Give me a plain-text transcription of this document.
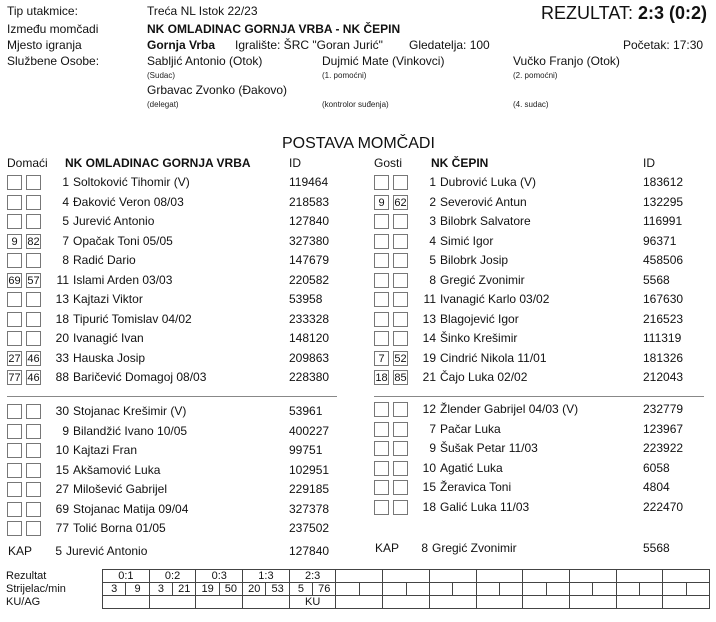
Tip utakmice:	Treća NL Istok 22/23	REZULTAT: 2:3 (0:2)
Između momčadi	NK OMLADINAC GORNJA VRBA - NK ČEPIN
Mjesto igranja	Gornja Vrba Igralište: ŠRC "Goran Jurić" Gledatelja: 100	Početak: 17:30
Službene Osobe:	Sabljić Antonio (Otok)
(Sudac)
Dujmić Mate (Vinkovci)
(1. pomoćni)
Vučko Franjo (Otok)
(2. pomoćni)
Grbavac Zvonko (Đakovo)
(delegat)	(kontrolor suđenja)	(4. sudac)
POSTAVA MOMČADI
Domaći NK OMLADINAC GORNJA VRBA	ID	Gosti NK ČEPIN	ID
1 Soltoković Tihomir (V)	119464
4 Đaković Veron 08/03	218583
5 Jurević Antonio	127840
9 82	7 Opačak Toni 05/05	327380
8 Radić Dario	147679
69 57	11 Islami Arden 03/03	220582
13 Kajtazi Viktor	53958
18 Tipurić Tomislav 04/02	233328
20 Ivanagić Ivan	148120
27 46	33 Hauska Josip	209863
77 46	88 Baričević Domagoj 08/03	228380
30 Stojanac Krešimir (V)	53961
9 Bilandžić Ivano 10/05	400227
10 Kajtazi Fran	99751
15 Akšamović Luka	102951
27 Milošević Gabrijel	229185
69 Stojanac Matija 09/04	327378
77 Tolić Borna 01/05	237502
1 Dubrović Luka (V)	183612
9 62	2 Severović Antun	132295
3 Bilobrk Salvatore	116991
4 Simić Igor	96371
5 Bilobrk Josip	458506
8 Gregić Zvonimir	5568
11 Ivanagić Karlo 03/02	167630
13 Blagojević Igor	216523
14 Šinko Krešimir	111319
7 52	19 Cindrić Nikola 11/01	181326
18 85	21 Čajo Luka 02/02	212043
12 Žlender Gabrijel 04/03 (V)	232779
7 Pačar Luka	123967
9 Šušak Petar 11/03	223922
10 Agatić Luka	6058
15 Žeravica Toni	4804
18 Galić Luka 11/03	222470
KAP	5 Jurević Antonio	127840	KAP	8 Gregić Zvonimir	5568
Rezultat	0:1		0:2		0:3		1:3		2:3																	
Strijelac/min	3	9	3	21	19	50	20	53	5	76																
KU/AG									KU																	
